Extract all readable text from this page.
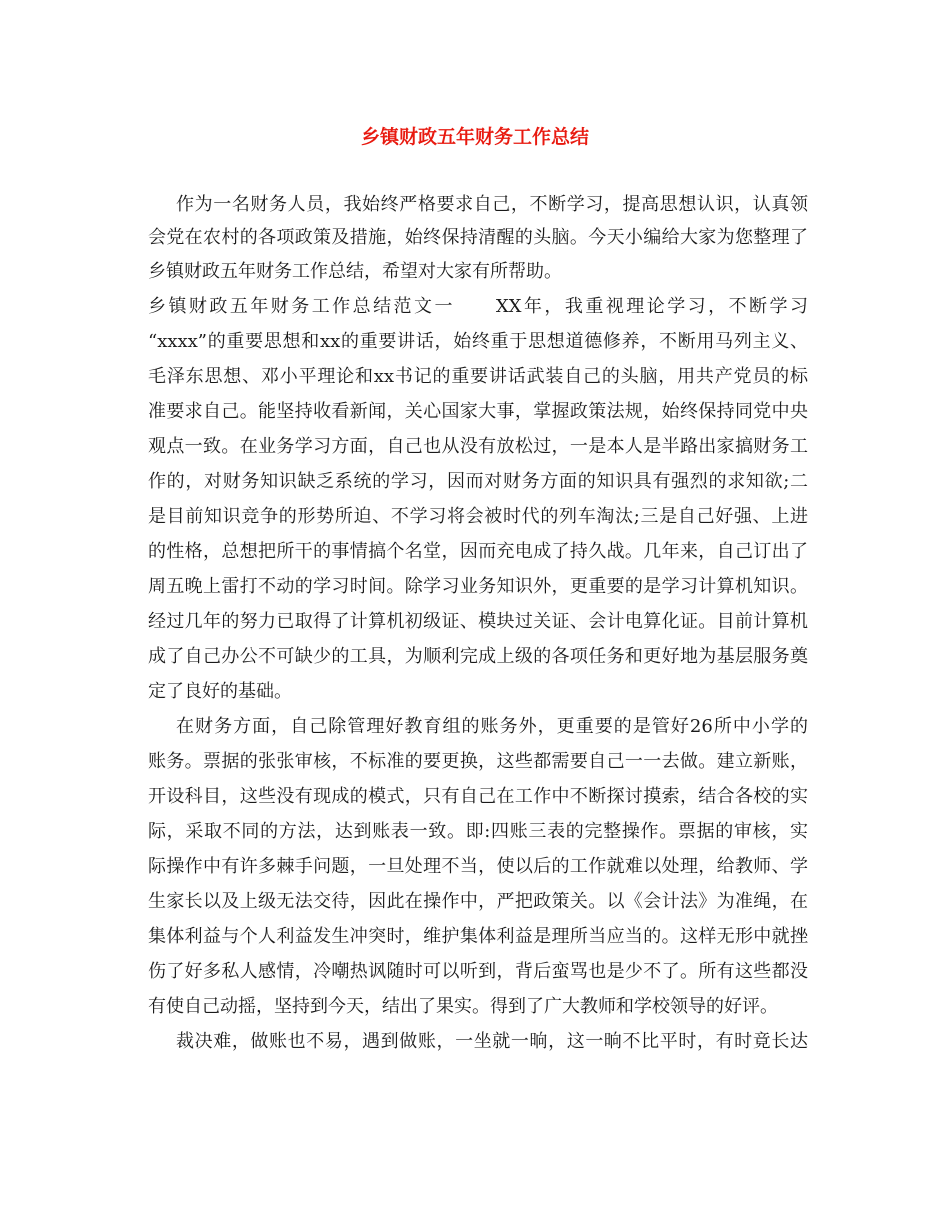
乡镇财政五年财务工作总结
作为一名财务人员，我始终严格要求自己，不断学习，提高思想认识，认真领
会党在农村的各项政策及措施，始终保持清醒的头脑。今天小编给大家为您整理了
乡镇财政五年财务工作总结，希望对大家有所帮助。
乡镇财政五年财务工作总结范文一　　XX年，我重视理论学习，不断学习
“xxxx”的重要思想和xx的重要讲话，始终重于思想道德修养，不断用马列主义、
毛泽东思想、邓小平理论和xx书记的重要讲话武装自己的头脑，用共产党员的标
准要求自己。能坚持收看新闻，关心国家大事，掌握政策法规，始终保持同党中央
观点一致。在业务学习方面，自己也从没有放松过，一是本人是半路出家搞财务工
作的，对财务知识缺乏系统的学习，因而对财务方面的知识具有强烈的求知欲;二
是目前知识竞争的形势所迫、不学习将会被时代的列车淘汰;三是自己好强、上进
的性格，总想把所干的事情搞个名堂，因而充电成了持久战。几年来，自己订出了
周五晚上雷打不动的学习时间。除学习业务知识外，更重要的是学习计算机知识。
经过几年的努力已取得了计算机初级证、模块过关证、会计电算化证。目前计算机
成了自己办公不可缺少的工具，为顺利完成上级的各项任务和更好地为基层服务奠
定了良好的基础。
在财务方面，自己除管理好教育组的账务外，更重要的是管好26所中小学的
账务。票据的张张审核，不标准的要更换，这些都需要自己一一去做。建立新账，
开设科目，这些没有现成的模式，只有自己在工作中不断探讨摸索，结合各校的实
际，采取不同的方法，达到账表一致。即:四账三表的完整操作。票据的审核，实
际操作中有许多棘手问题，一旦处理不当，使以后的工作就难以处理，给教师、学
生家长以及上级无法交待，因此在操作中，严把政策关。以《会计法》为准绳，在
集体利益与个人利益发生冲突时，维护集体利益是理所当应当的。这样无形中就挫
伤了好多私人感情，冷嘲热讽随时可以听到，背后蛮骂也是少不了。所有这些都没
有使自己动摇，坚持到今天，结出了果实。得到了广大教师和学校领导的好评。
裁决难，做账也不易，遇到做账，一坐就一晌，这一晌不比平时，有时竟长达
